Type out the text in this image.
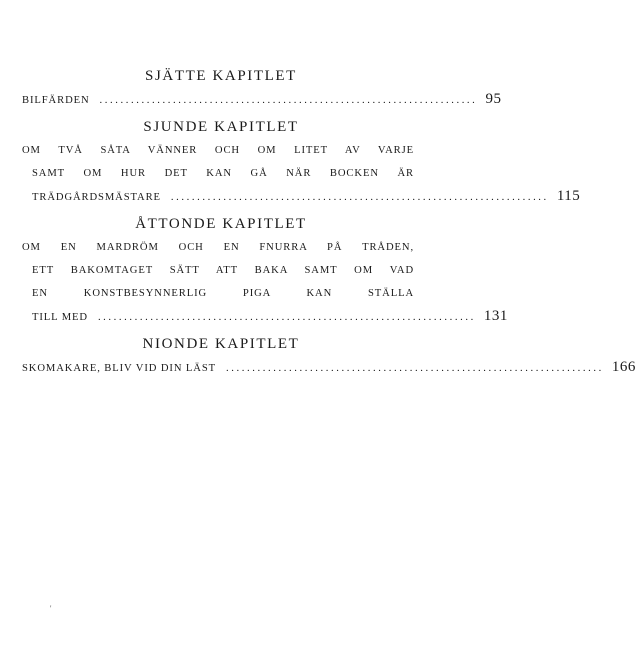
SJÄTTE KAPITLET
BILFÄRDEN ........................................................................ 95
SJUNDE KAPITLET
OM TVÅ SÅTA VÄNNER OCH OM LITET AV VARJE
SAMT OM HUR DET KAN GÅ NÄR BOCKEN ÄR
TRÄDGÅRDSMÄSTARE ........................................................................ 115
ÅTTONDE KAPITLET
OM EN MARDRÖM OCH EN FNURRA PÅ TRÅDEN,
ETT BAKOMTAGET SÄTT ATT BAKA SAMT OM VAD
EN KONSTBESYNNERLIG PIGA KAN STÄLLA
TILL MED ........................................................................ 131
NIONDE KAPITLET
SKOMAKARE, BLIV VID DIN LÄST ........................................................................ 166
'
